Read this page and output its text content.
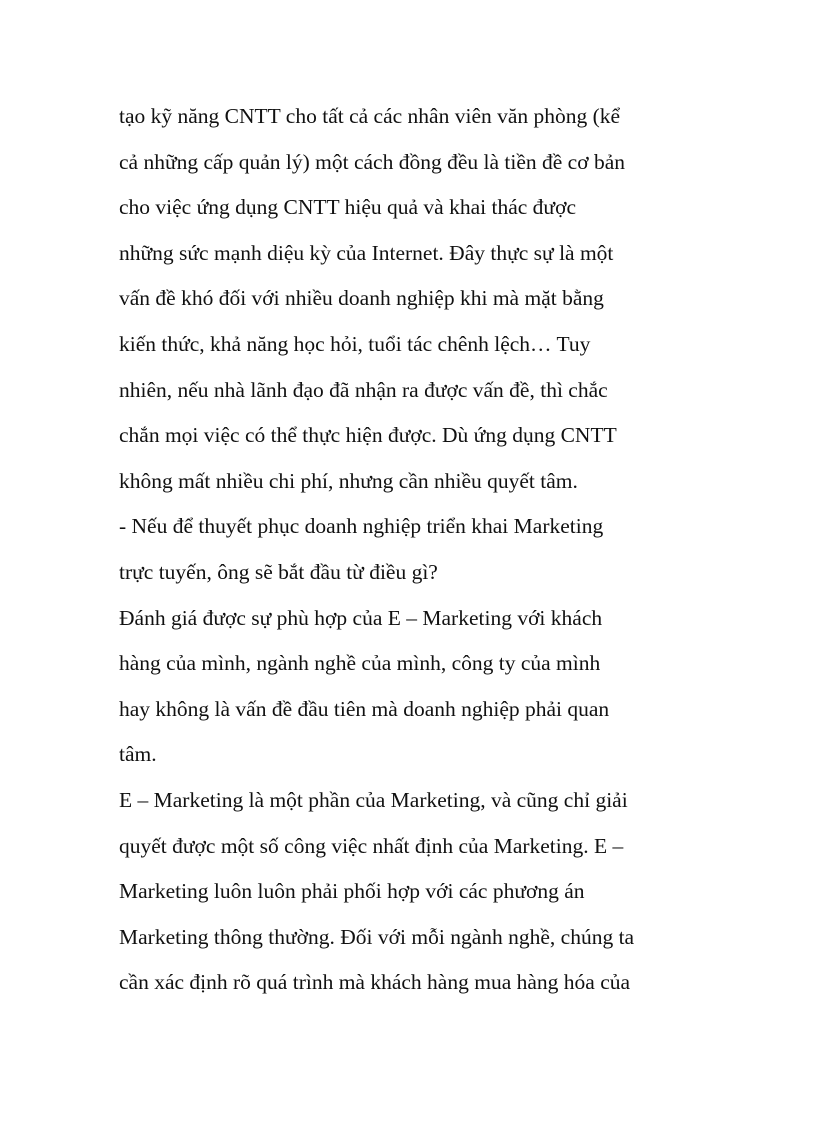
tạo kỹ năng CNTT cho tất cả các nhân viên văn phòng (kể
cả những cấp quản lý) một cách đồng đều là tiền đề cơ bản
cho việc ứng dụng CNTT hiệu quả và khai thác được
những sức mạnh diệu kỳ của Internet. Đây thực sự là một
vấn đề khó đối với nhiều doanh nghiệp khi mà mặt bằng
kiến thức, khả năng học hỏi, tuổi tác chênh lệch… Tuy
nhiên, nếu nhà lãnh đạo đã nhận ra được vấn đề, thì chắc
chắn mọi việc có thể thực hiện được. Dù ứng dụng CNTT
không mất nhiều chi phí, nhưng cần nhiều quyết tâm.
- Nếu để thuyết phục doanh nghiệp triển khai Marketing
trực tuyến, ông sẽ bắt đầu từ điều gì?
Đánh giá được sự phù hợp của E – Marketing với khách
hàng của mình, ngành nghề của mình, công ty của mình
hay không là vấn đề đầu tiên mà doanh nghiệp phải quan
tâm.
E – Marketing là một phần của Marketing, và cũng chỉ giải
quyết được một số công việc nhất định của Marketing. E –
Marketing luôn luôn phải phối hợp với các phương án
Marketing thông thường. Đối với mỗi ngành nghề, chúng ta
cần xác định rõ quá trình mà khách hàng mua hàng hóa của
